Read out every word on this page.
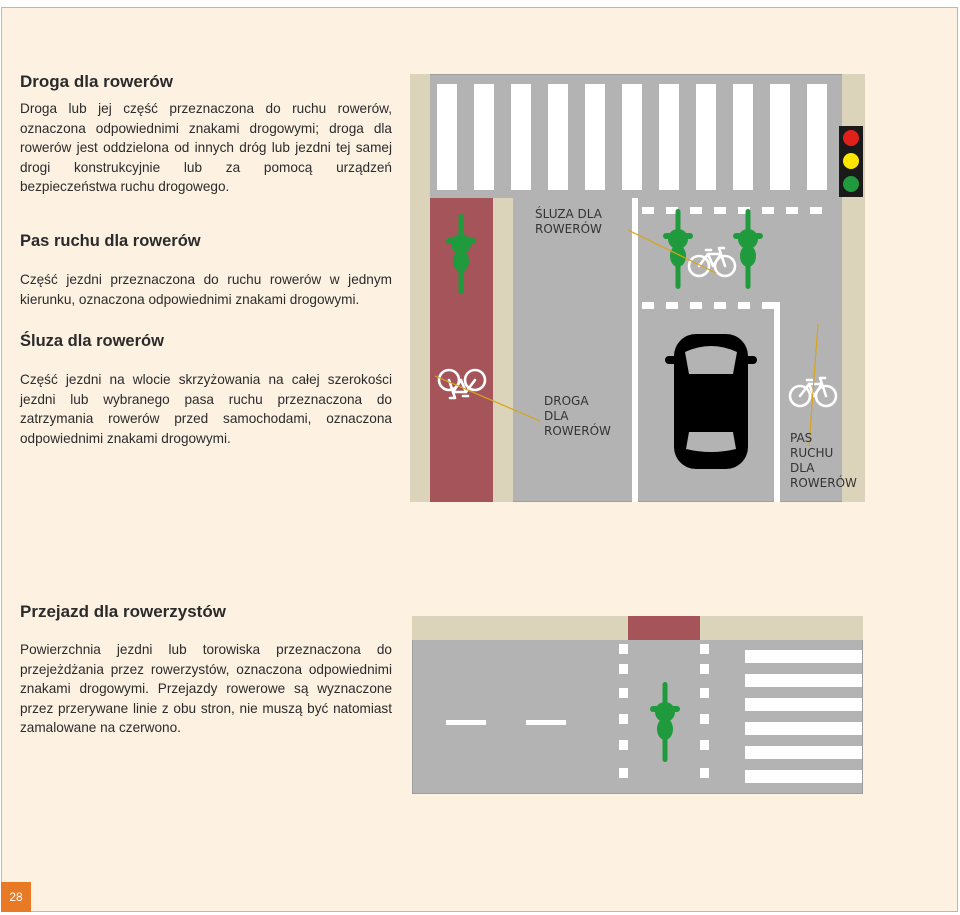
Droga dla rowerów

Droga lub jej część przeznaczona do ruchu rowerów, oznaczona odpowiednimi znakami drogowymi; droga dla rowerów jest oddzielona od innych dróg lub jezdni tej samej drogi konstrukcyjnie lub za pomocą urządzeń bezpieczeństwa ruchu drogowego.

Pas ruchu dla rowerów

Część jezdni przeznaczona do ruchu rowerów w jednym kierunku, oznaczona odpowiednimi znakami drogowymi.

Śluza dla rowerów

Część jezdni na wlocie skrzyżowania na całej szerokości jezdni lub wybranego pasa ruchu przeznaczona do zatrzymania rowerów przed samochodami, oznaczona odpowiednimi znakami drogowymi.

Przejazd dla rowerzystów

Powierzchnia jezdni lub torowiska przeznaczona do przejeżdżania przez rowerzystów, oznaczona odpowiednimi znakami drogowymi. Przejazdy rowerowe są wyznaczone przez przerywane linie z obu stron, nie muszą być natomiast zamalowane na czerwono.

ŚLUZA DLA
ROWERÓW
DROGA
DLA
ROWERÓW	PAS
RUCHU
DLA
ROWERÓW
28
